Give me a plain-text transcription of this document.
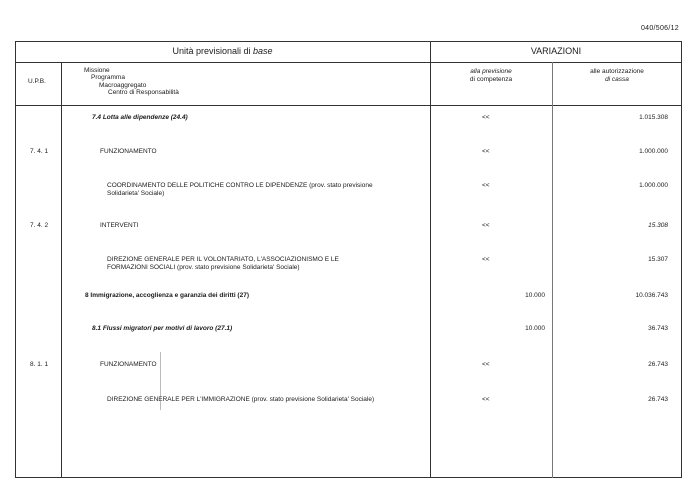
040/506/12
Unità previsionali di base	VARIAZIONI
U.P.B.
Missione
Programma
Macroaggregato
Centro di Responsabilità
alla previsione
di competenza
alle autorizzazione
di cassa
7.4 Lotta alle dipendenze (24.4)	<<	1.015.308
7. 4. 1	FUNZIONAMENTO	<<	1.000.000
COORDINAMENTO DELLE POLITICHE CONTRO LE DIPENDENZE (prov. stato previsione
Solidarieta' Sociale)
<<	1.000.000
7. 4. 2	INTERVENTI	<<	15.308
DIREZIONE GENERALE PER IL VOLONTARIATO, L'ASSOCIAZIONISMO E LE
FORMAZIONI SOCIALI (prov. stato previsione Solidarieta' Sociale)
<<	15.307
8 Immigrazione, accoglienza e garanzia dei diritti (27)	10.000	10.036.743
8.1 Flussi migratori per motivi di lavoro (27.1)	10.000	36.743
8. 1. 1	FUNZIONAMENTO	<<	26.743
DIREZIONE GENERALE PER L'IMMIGRAZIONE (prov. stato previsione Solidarieta' Sociale)	<<	26.743
